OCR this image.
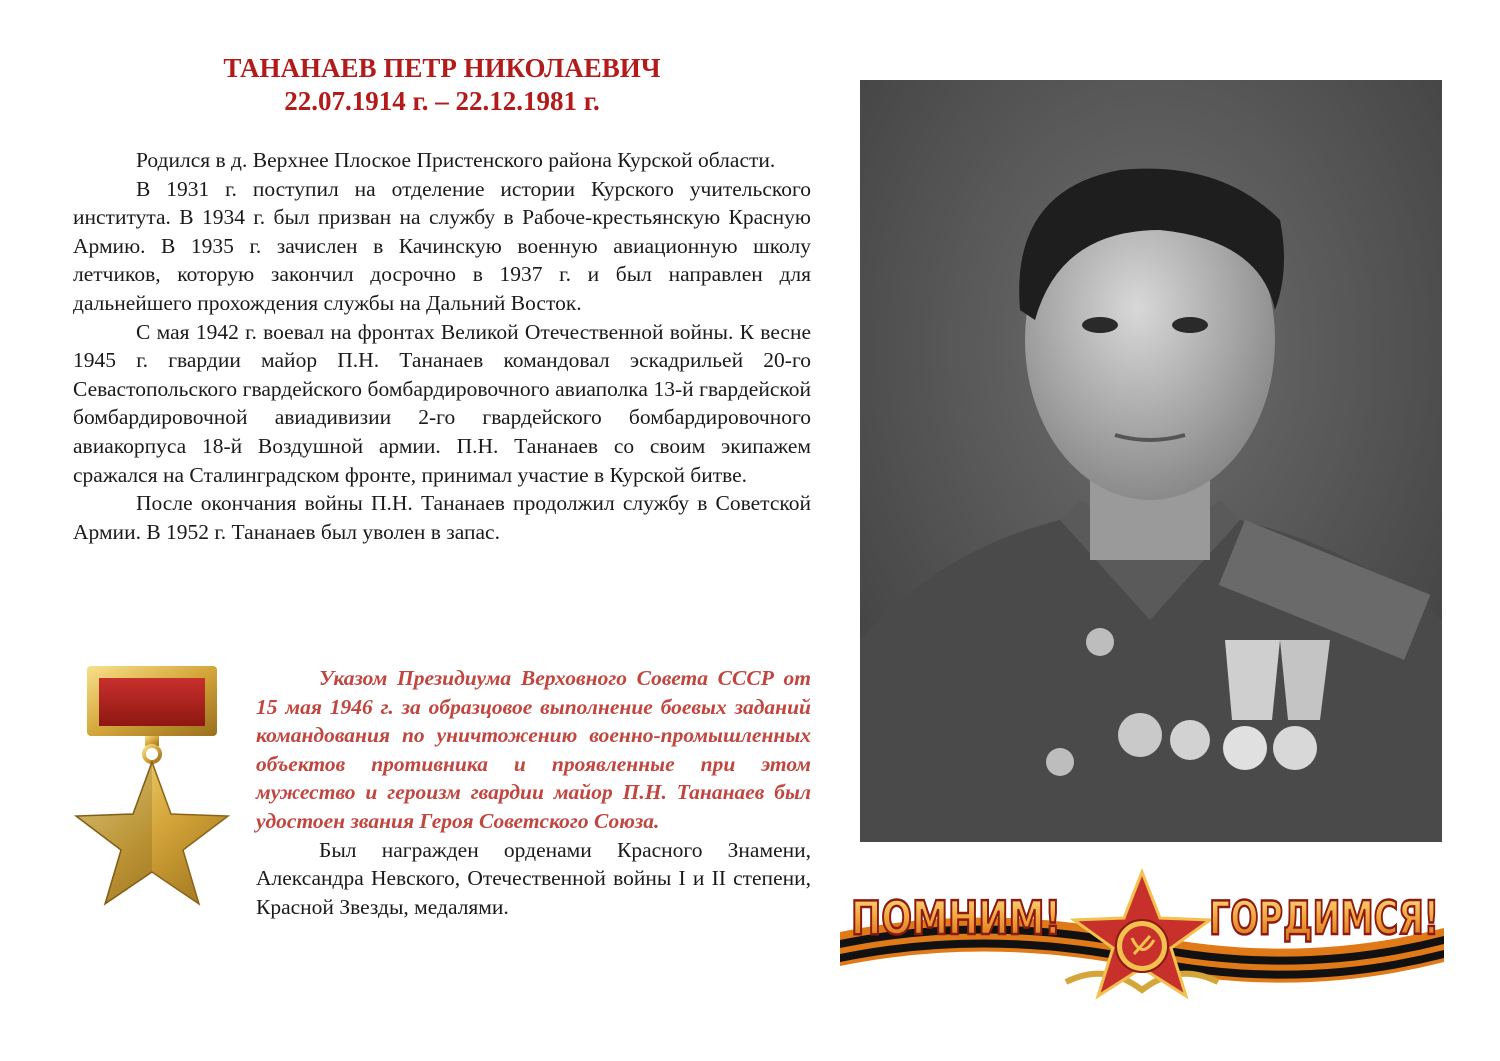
ТАНАНАЕВ ПЕТР НИКОЛАЕВИЧ
22.07.1914 г. – 22.12.1981 г.

Родился в д. Верхнее Плоское Пристенского района Курской области.

В 1931 г. поступил на отделение истории Курского учительского института. В 1934 г. был призван на службу в Рабоче-крестьянскую Красную Армию. В 1935 г. зачислен в Качинскую военную авиационную школу летчиков, которую закончил досрочно в 1937 г. и был направлен для дальнейшего прохождения службы на Дальний Восток.

С мая 1942 г. воевал на фронтах Великой Отечественной войны. К весне 1945 г. гвардии майор П.Н. Тананаев командовал эскадрильей 20-го Севастопольского гвардейского бомбардировочного авиаполка 13-й гвардейской бомбардировочной авиадивизии 2-го гвардейского бомбардировочного авиакорпуса 18-й Воздушной армии. П.Н. Тананаев со своим экипажем сражался на Сталинградском фронте, принимал участие в Курской битве.

После окончания войны П.Н. Тананаев продолжил службу в Советской Армии. В 1952 г. Тананаев был уволен в запас.

Указом Президиума Верховного Совета СССР от 15 мая 1946 г. за образцовое выполнение боевых заданий командования по уничтожению военно-промышленных объектов противника и проявленные при этом мужество и героизм гвардии майор П.Н. Тананаев был удостоен звания Героя Советского Союза.

Был награжден орденами Красного Знамени, Александра Невского, Отечественной войны I и II степени, Красной Звезды, медалями.	ПОМНИМ!	ГОРДИМСЯ!
